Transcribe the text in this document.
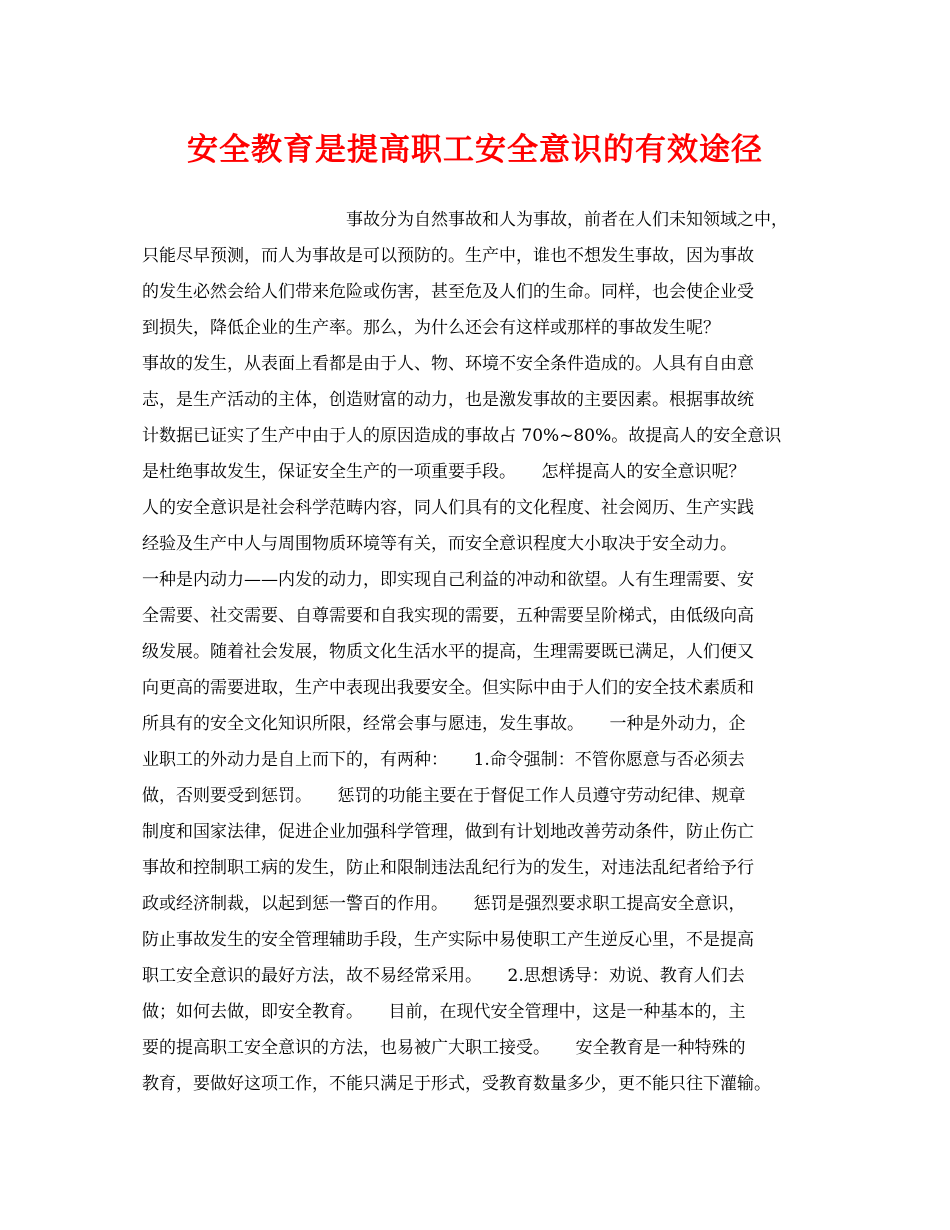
安全教育是提高职工安全意识的有效途径
事故分为自然事故和人为事故，前者在人们未知领域之中，
只能尽早预测，而人为事故是可以预防的。生产中，谁也不想发生事故，因为事故
的发生必然会给人们带来危险或伤害，甚至危及人们的生命。同样，也会使企业受
到损失，降低企业的生产率。那么，为什么还会有这样或那样的事故发生呢？
事故的发生，从表面上看都是由于人、物、环境不安全条件造成的。人具有自由意
志，是生产活动的主体，创造财富的动力，也是激发事故的主要因素。根据事故统
计数据已证实了生产中由于人的原因造成的事故占 70%~80%。故提高人的安全意识
是杜绝事故发生，保证安全生产的一项重要手段。　　怎样提高人的安全意识呢？
人的安全意识是社会科学范畴内容，同人们具有的文化程度、社会阅历、生产实践
经验及生产中人与周围物质环境等有关，而安全意识程度大小取决于安全动力。
一种是内动力——内发的动力，即实现自己利益的冲动和欲望。人有生理需要、安
全需要、社交需要、自尊需要和自我实现的需要，五种需要呈阶梯式，由低级向高
级发展。随着社会发展，物质文化生活水平的提高，生理需要既已满足，人们便又
向更高的需要进取，生产中表现出我要安全。但实际中由于人们的安全技术素质和
所具有的安全文化知识所限，经常会事与愿违，发生事故。　　一种是外动力，企
业职工的外动力是自上而下的，有两种：　　1.命令强制：不管你愿意与否必须去
做，否则要受到惩罚。　　惩罚的功能主要在于督促工作人员遵守劳动纪律、规章
制度和国家法律，促进企业加强科学管理，做到有计划地改善劳动条件，防止伤亡
事故和控制职工病的发生，防止和限制违法乱纪行为的发生，对违法乱纪者给予行
政或经济制裁，以起到惩一警百的作用。　　惩罚是强烈要求职工提高安全意识，
防止事故发生的安全管理辅助手段，生产实际中易使职工产生逆反心里，不是提高
职工安全意识的最好方法，故不易经常采用。　　2.思想诱导：劝说、教育人们去
做；如何去做，即安全教育。　　目前，在现代安全管理中，这是一种基本的，主
要的提高职工安全意识的方法，也易被广大职工接受。　　安全教育是一种特殊的
教育，要做好这项工作，不能只满足于形式，受教育数量多少，更不能只往下灌输。
